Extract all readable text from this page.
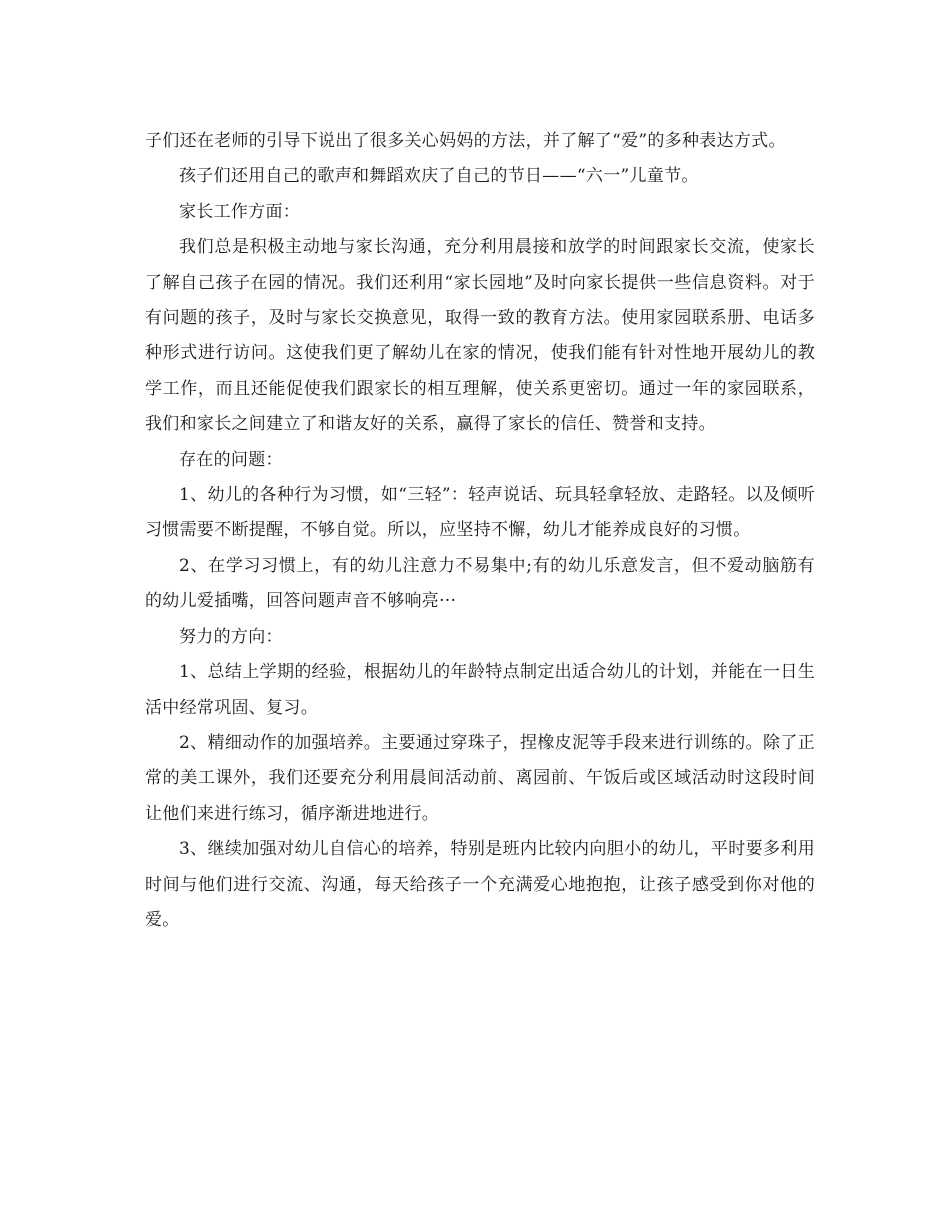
子们还在老师的引导下说出了很多关心妈妈的方法，并了解了“爱”的多种表达方式。

孩子们还用自己的歌声和舞蹈欢庆了自己的节日——“六一”儿童节。

家长工作方面：

我们总是积极主动地与家长沟通，充分利用晨接和放学的时间跟家长交流，使家长了解自己孩子在园的情况。我们还利用“家长园地”及时向家长提供一些信息资料。对于有问题的孩子，及时与家长交换意见，取得一致的教育方法。使用家园联系册、电话多种形式进行访问。这使我们更了解幼儿在家的情况，使我们能有针对性地开展幼儿的教学工作，而且还能促使我们跟家长的相互理解，使关系更密切。通过一年的家园联系，我们和家长之间建立了和谐友好的关系，赢得了家长的信任、赞誉和支持。

存在的问题：

1、幼儿的各种行为习惯，如“三轻”：轻声说话、玩具轻拿轻放、走路轻。以及倾听习惯需要不断提醒，不够自觉。所以，应坚持不懈，幼儿才能养成良好的习惯。

2、在学习习惯上，有的幼儿注意力不易集中;有的幼儿乐意发言，但不爱动脑筋有的幼儿爱插嘴，回答问题声音不够响亮···

努力的方向：

1、总结上学期的经验，根据幼儿的年龄特点制定出适合幼儿的计划，并能在一日生活中经常巩固、复习。

2、精细动作的加强培养。主要通过穿珠子，捏橡皮泥等手段来进行训练的。除了正常的美工课外，我们还要充分利用晨间活动前、离园前、午饭后或区域活动时这段时间让他们来进行练习，循序渐进地进行。

3、继续加强对幼儿自信心的培养，特别是班内比较内向胆小的幼儿，平时要多利用时间与他们进行交流、沟通，每天给孩子一个充满爱心地抱抱，让孩子感受到你对他的爱。
